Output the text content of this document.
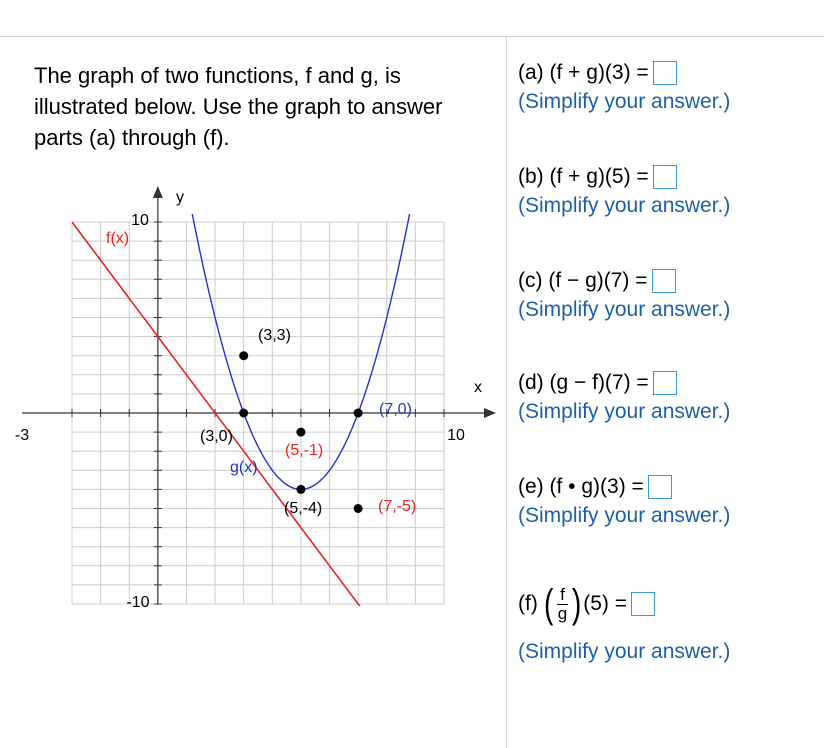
The graph of two functions, f and g, is illustrated below. Use the graph to answer parts (a) through (f).

y
x
-3	10
10
-10
f(x)
g(x)
(3,3)
(3,0)
(5,-1)
(5,-4)
(7,0)
(7,-5)
(a) (f + g)(3) =
(Simplify your answer.)
(b) (f + g)(5) =
(Simplify your answer.)
(c) (f − g)(7) =
(Simplify your answer.)
(d) (g − f)(7) =
(Simplify your answer.)
(e) (f • g)(3) =
(Simplify your answer.)
(f) ( $\frac{f}{g}$ ) (5) =
(Simplify your answer.)
